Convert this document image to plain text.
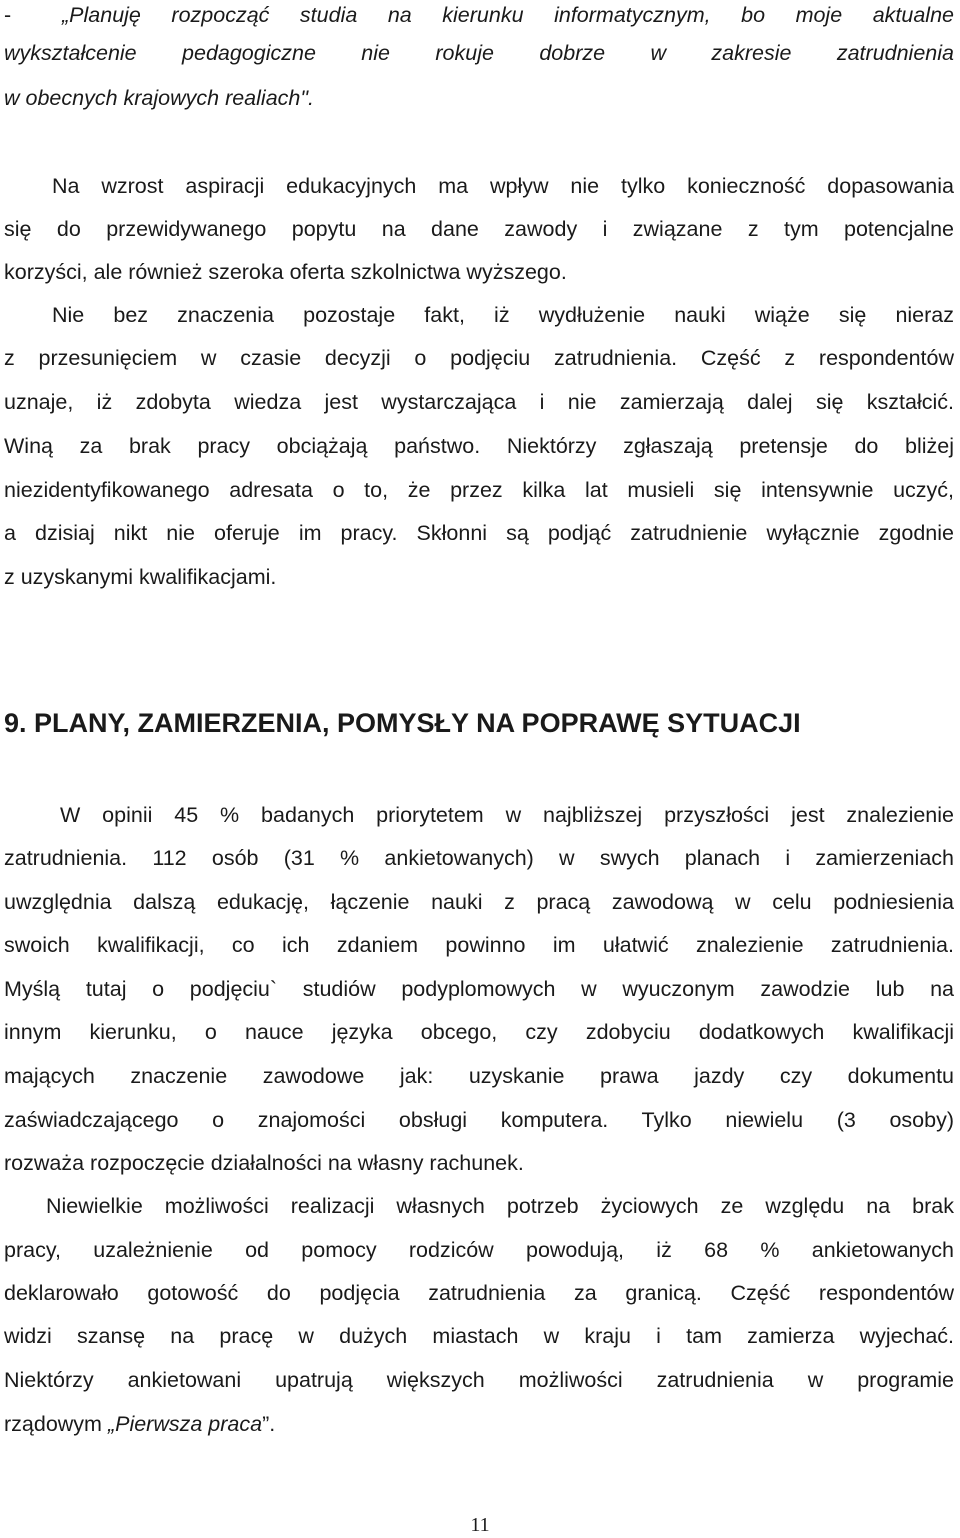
- „Planuję rozpocząć studia na kierunku informatycznym, bo moje aktualne
wykształcenie pedagogiczne nie rokuje dobrze w zakresie zatrudnienia
w obecnych krajowych realiach".
Na wzrost aspiracji edukacyjnych ma wpływ nie tylko konieczność dopasowania
się do przewidywanego popytu na dane zawody i związane z tym potencjalne
korzyści, ale również szeroka oferta szkolnictwa wyższego.
Nie bez znaczenia pozostaje fakt, iż wydłużenie nauki wiąże się nieraz
z przesunięciem w czasie decyzji o podjęciu zatrudnienia. Część z respondentów
uznaje, iż zdobyta wiedza jest wystarczająca i nie zamierzają dalej się kształcić.
Winą za brak pracy obciążają państwo. Niektórzy zgłaszają pretensje do bliżej
niezidentyfikowanego adresata o to, że przez kilka lat musieli się intensywnie uczyć,
a dzisiaj nikt nie oferuje im pracy. Skłonni są podjąć zatrudnienie wyłącznie zgodnie
z uzyskanymi kwalifikacjami.
9. PLANY, ZAMIERZENIA, POMYSŁY NA POPRAWĘ SYTUACJI
W opinii 45 % badanych priorytetem w najbliższej przyszłości jest znalezienie
zatrudnienia. 112 osób (31 % ankietowanych) w swych planach i zamierzeniach
uwzględnia dalszą edukację, łączenie nauki z pracą zawodową w celu podniesienia
swoich kwalifikacji, co ich zdaniem powinno im ułatwić znalezienie zatrudnienia.
Myślą tutaj o podjęciu` studiów podyplomowych w wyuczonym zawodzie lub na
innym kierunku, o nauce języka obcego, czy zdobyciu dodatkowych kwalifikacji
mających znaczenie zawodowe jak: uzyskanie prawa jazdy czy dokumentu
zaświadczającego o znajomości obsługi komputera. Tylko niewielu (3 osoby)
rozważa rozpoczęcie działalności na własny rachunek.
Niewielkie możliwości realizacji własnych potrzeb życiowych ze względu na brak
pracy, uzależnienie od pomocy rodziców powodują, iż 68 % ankietowanych
deklarowało gotowość do podjęcia zatrudnienia za granicą. Część respondentów
widzi szansę na pracę w dużych miastach w kraju i tam zamierza wyjechać.
Niektórzy ankietowani upatrują większych możliwości zatrudnienia w programie
rządowym „Pierwsza praca”.
11
